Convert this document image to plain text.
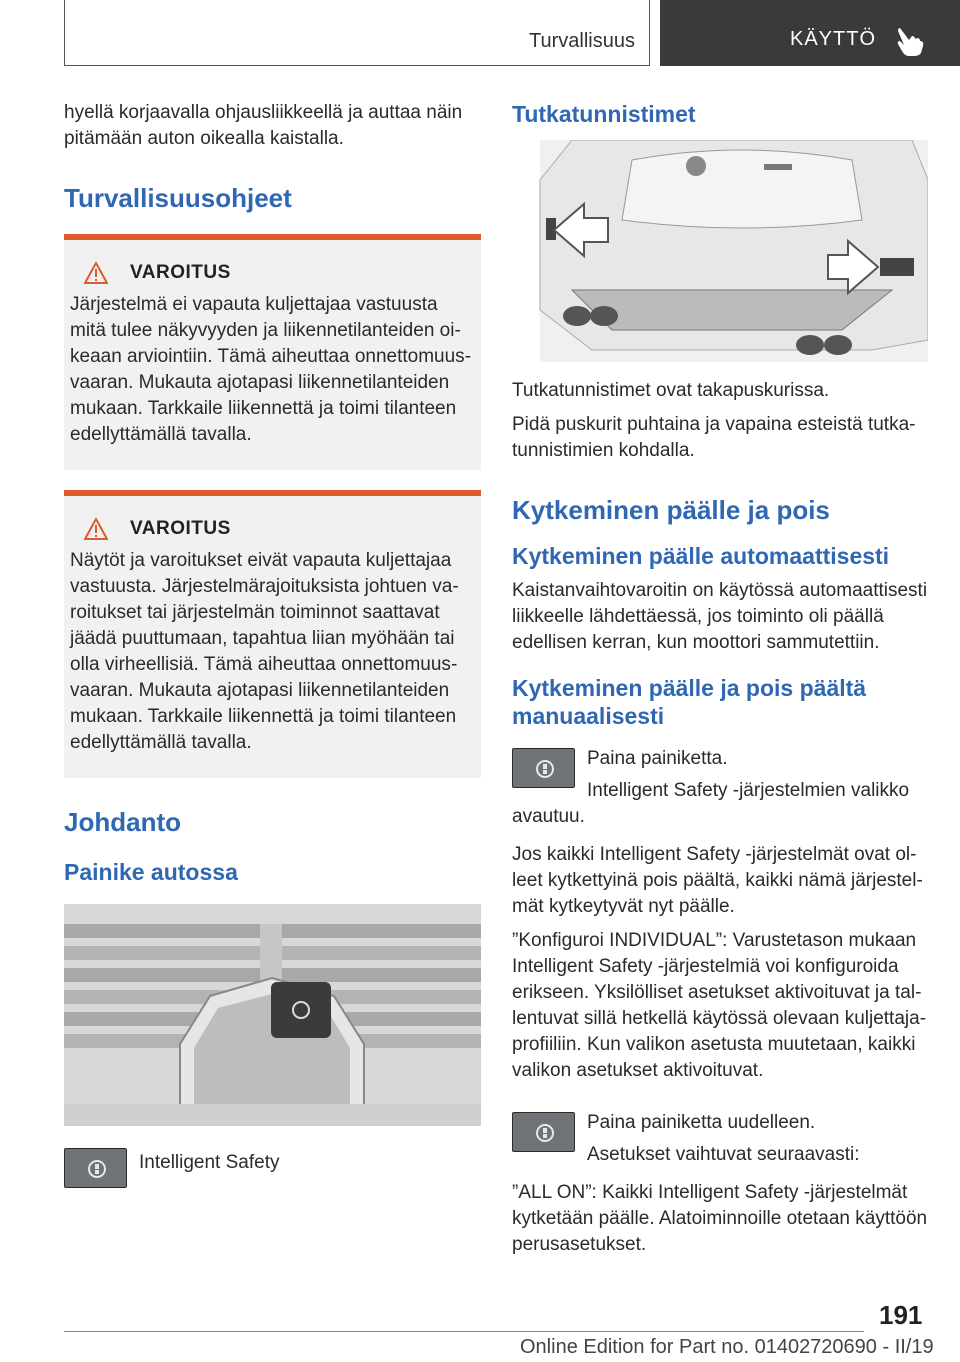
Turvallisuus	KÄYTTÖ

hyellä korjaavalla ohjausliikkeellä ja auttaa näin pitämään auton oikealla kaistalla.

Turvallisuusohjeet
VAROITUS

Järjestelmä ei vapauta kuljettajaa vastuusta mitä tulee näkyvyyden ja liikennetilanteiden oikeaan arviointiin. Tämä aiheuttaa onnettomuusvaaran. Mukauta ajotapasi liikennetilanteiden mukaan. Tarkkaile liikennettä ja toimi tilanteen edellyttämällä tavalla.

VAROITUS

Näytöt ja varoitukset eivät vapauta kuljettajaa vastuusta. Järjestelmärajoituksista johtuen varoitukset tai järjestelmän toiminnot saattavat jäädä puuttumaan, tapahtua liian myöhään tai olla virheellisiä. Tämä aiheuttaa onnettomuusvaaran. Mukauta ajotapasi liikennetilanteiden mukaan. Tarkkaile liikennettä ja toimi tilanteen edellyttämällä tavalla.

Johdanto
Painike autossa

Intelligent Safety

Tutkatunnistimet

Tutkatunnistimet ovat takapuskurissa.

Pidä puskurit puhtaina ja vapaina esteistä tutkatunnistimien kohdalla.

Kytkeminen päälle ja pois
Kytkeminen päälle automaattisesti

Kaistanvaihtovaroitin on käytössä automaattisesti liikkeelle lähdettäessä, jos toiminto oli päällä edellisen kerran, kun moottori sammutettiin.

Kytkeminen päälle ja pois päältä manuaalisesti

Paina painiketta.

Intelligent Safety -järjestelmien valikko avautuu.

Jos kaikki Intelligent Safety -järjestelmät ovat olleet kytkettyinä pois päältä, kaikki nämä järjestelmät kytkeytyvät nyt päälle.

”Konfiguroi INDIVIDUAL”: Varustetason mukaan Intelligent Safety -järjestelmiä voi konfiguroida erikseen. Yksilölliset asetukset aktivoituvat ja tallentuvat sillä hetkellä käytössä olevaan kuljettajaprofiiliin. Kun valikon asetusta muutetaan, kaikki valikon asetukset aktivoituvat.

Paina painiketta uudelleen.

Asetukset vaihtuvat seuraavasti:

”ALL ON”: Kaikki Intelligent Safety -järjestelmät kytketään päälle. Alatoiminnoille otetaan käyttöön perusasetukset.

191
Online Edition for Part no. 01402720690 - II/19
